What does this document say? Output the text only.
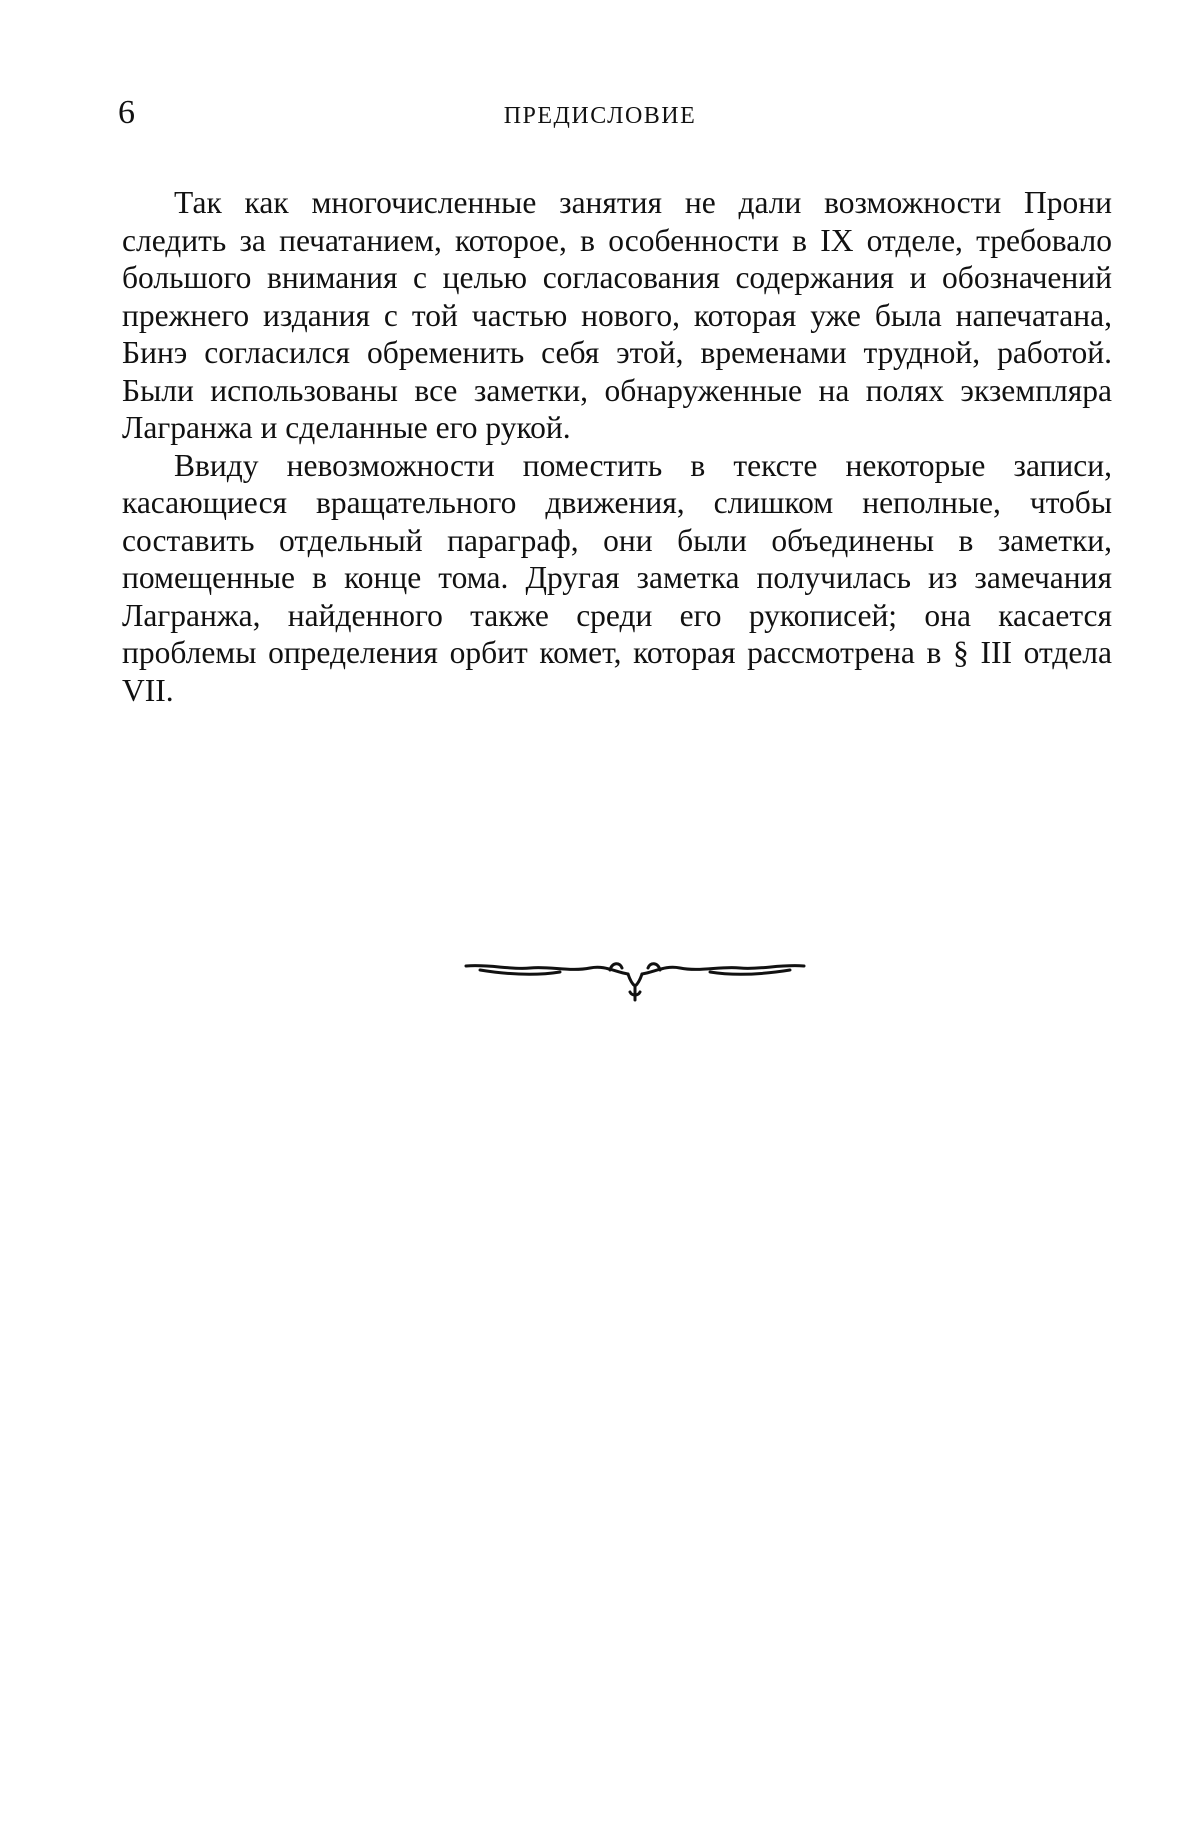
6	ПРЕДИСЛОВИЕ

Так как многочисленные занятия не дали возможности Прони следить за печатанием, которое, в особенности в IX отделе, требовало большого внимания с целью согласования содержания и обозначений прежнего издания с той частью нового, которая уже была напечатана, Бинэ согласился обременить себя этой, временами трудной, работой. Были использованы все заметки, обнаруженные на полях экземпляра Лагранжа и сделанные его рукой.

Ввиду невозможности поместить в тексте некоторые записи, касающиеся вращательного движения, слишком неполные, чтобы составить отдельный параграф, они были объединены в заметки, помещенные в конце тома. Другая заметка получилась из замечания Лагранжа, найденного также среди его рукописей; она касается проблемы определения орбит комет, которая рассмотрена в § III отдела VII.
